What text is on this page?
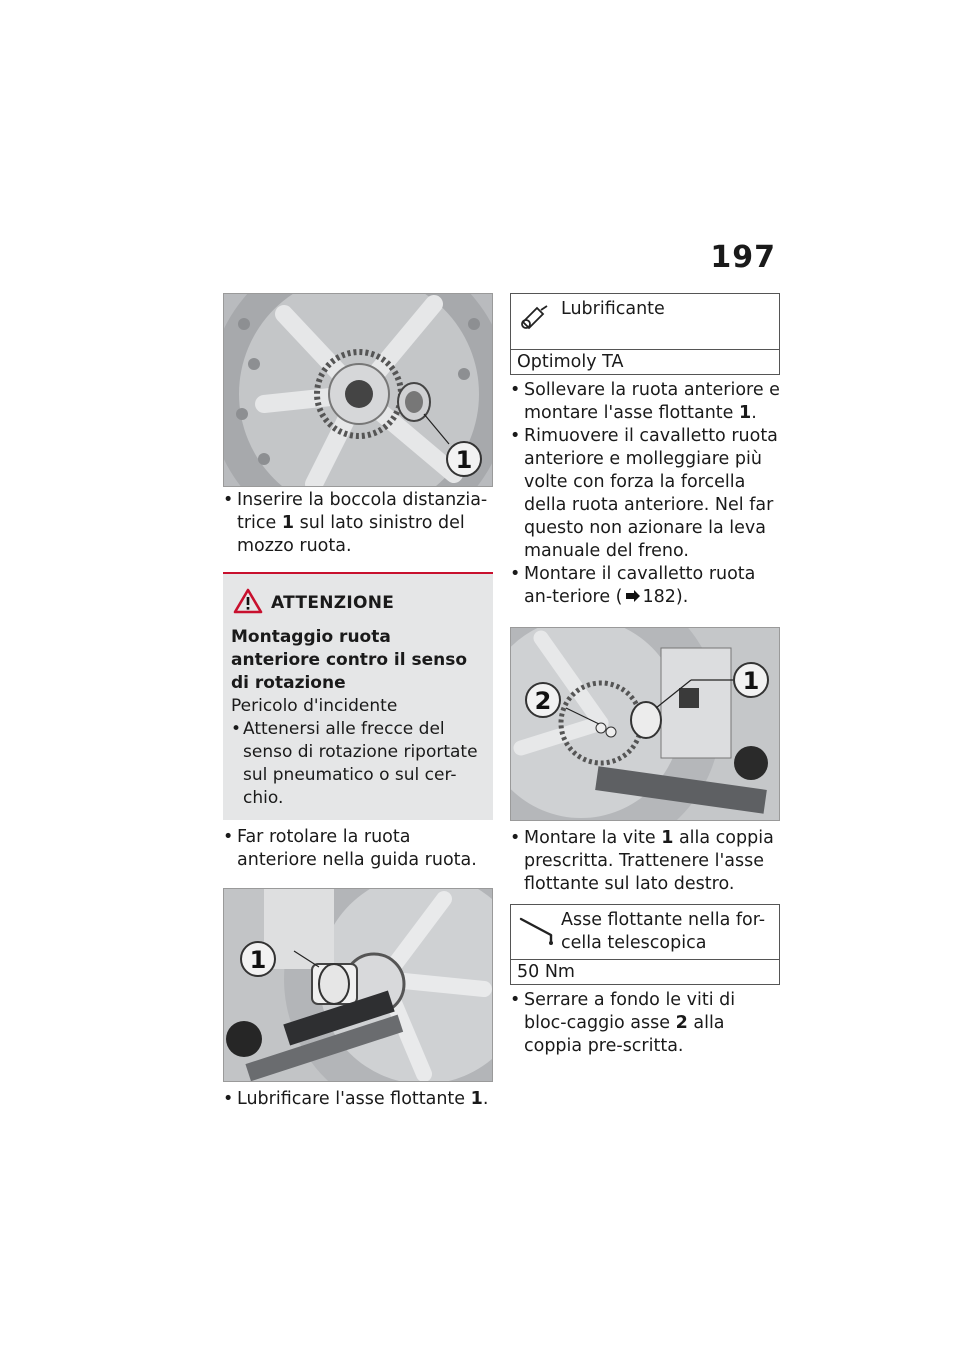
197
1
• Inserire la boccola distanzia-trice 1 sul lato sinistro del mozzo ruota.
ATTENZIONE
Montaggio ruota anteriore contro il senso di rotazione
Pericolo d'incidente
• Attenersi alle frecce del senso di rotazione riportate sul pneumatico o sul cer-chio.
• Far rotolare la ruota anteriore nella guida ruota.
1
• Lubrificare l'asse flottante 1.
Lubrificante
Optimoly TA
• Sollevare la ruota anteriore e montare l'asse flottante 1.
• Rimuovere il cavalletto ruota anteriore e molleggiare più volte con forza la forcella della ruota anteriore. Nel far questo non azionare la leva manuale del freno.
• Montare il cavalletto ruota an-teriore ( 182).
1
2
• Montare la vite 1 alla coppia prescritta. Trattenere l'asse flottante sul lato destro.
Asse flottante nella for-cella telescopica
50 Nm
• Serrare a fondo le viti di bloc-caggio asse 2 alla coppia pre-scritta.
